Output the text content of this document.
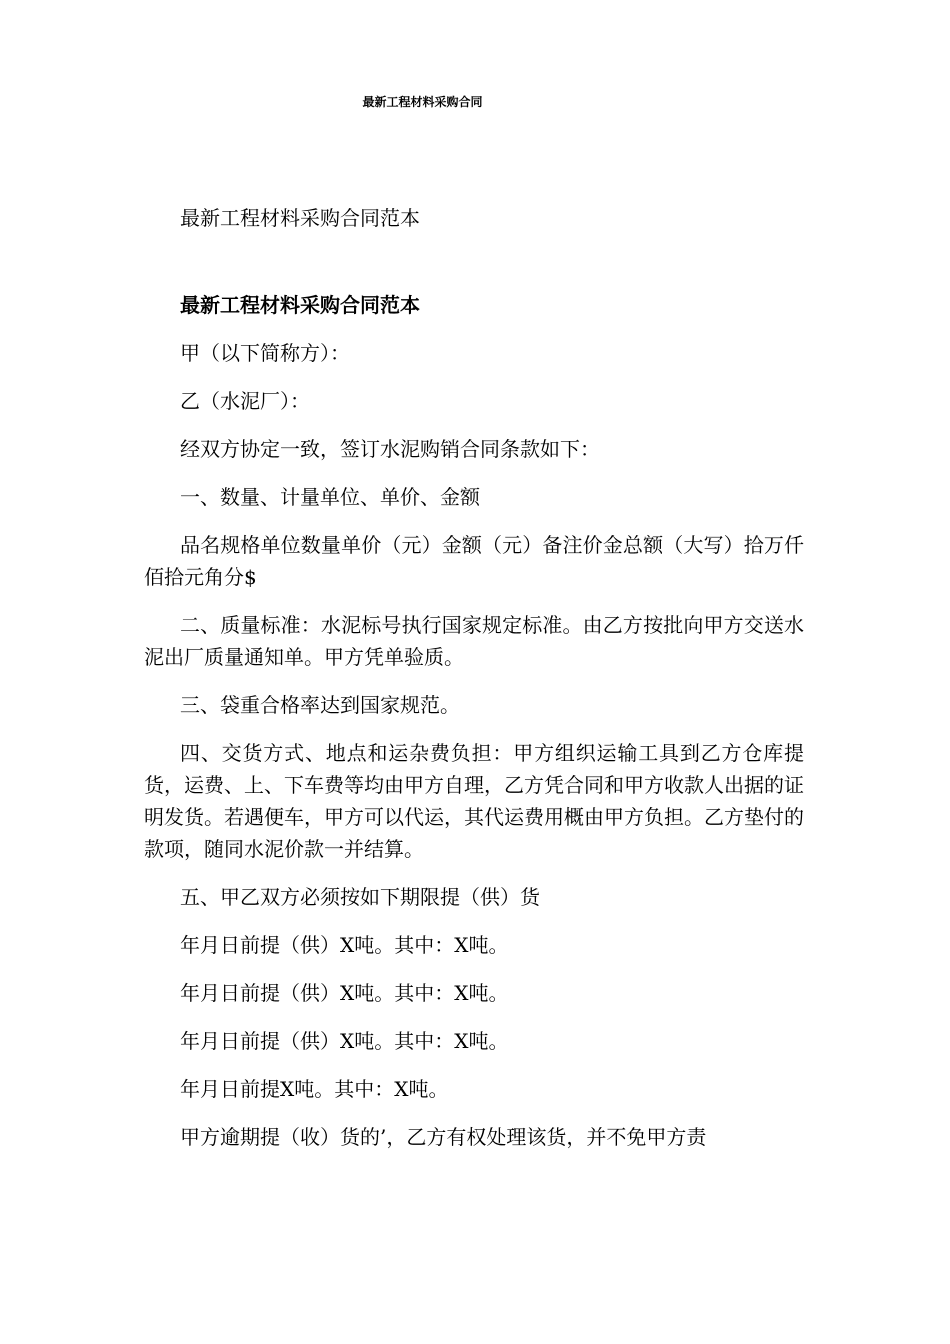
最新工程材料采购合同
最新工程材料采购合同范本

最新工程材料采购合同范本

甲（以下简称方）：

乙（水泥厂）：

经双方协定一致，签订水泥购销合同条款如下：

一、数量、计量单位、单价、金额

品名规格单位数量单价（元）金额（元）备注价金总额（大写）拾万仟 佰拾元角分$

二、质量标准：水泥标号执行国家规定标准。由乙方按批向甲方交送水泥出厂质量通知单。甲方凭单验质。

三、袋重合格率达到国家规范。

四、交货方式、地点和运杂费负担：甲方组织运输工具到乙方仓库提货，运费、上、下车费等均由甲方自理，乙方凭合同和甲方收款人出据的证明发货。若遇便车，甲方可以代运，其代运费用概由甲方负担。乙方垫付的款项，随同水泥价款一并结算。

五、甲乙双方必须按如下期限提（供）货

年月日前提（供）X吨。其中：X吨。

年月日前提（供）X吨。其中：X吨。

年月日前提（供）X吨。其中：X吨。

年月日前提X吨。其中：X吨。

甲方逾期提（收）货的’，乙方有权处理该货，并不免甲方责
